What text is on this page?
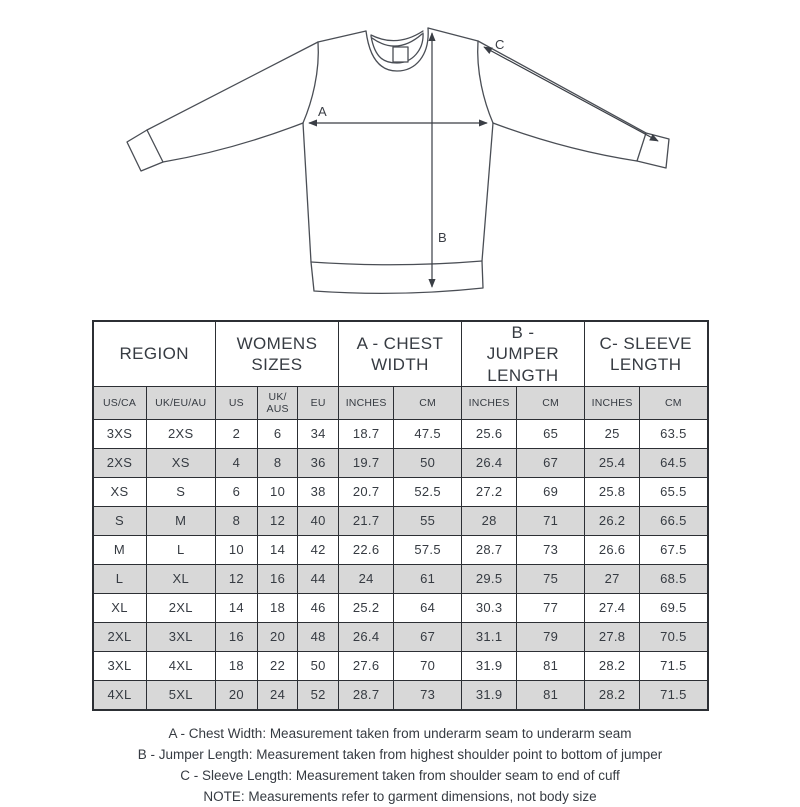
A
B
C
REGION		WOMENS SIZES			A - CHEST WIDTH		B - JUMPER LENGTH		C- SLEEVE LENGTH	
US/CA	UK/EU/AU	US	UK/ AUS	EU	INCHES	CM	INCHES	CM	INCHES	CM
3XS	2XS	2	6	34	18.7	47.5	25.6	65	25	63.5
2XS	XS	4	8	36	19.7	50	26.4	67	25.4	64.5
XS	S	6	10	38	20.7	52.5	27.2	69	25.8	65.5
S	M	8	12	40	21.7	55	28	71	26.2	66.5
M	L	10	14	42	22.6	57.5	28.7	73	26.6	67.5
L	XL	12	16	44	24	61	29.5	75	27	68.5
XL	2XL	14	18	46	25.2	64	30.3	77	27.4	69.5
2XL	3XL	16	20	48	26.4	67	31.1	79	27.8	70.5
3XL	4XL	18	22	50	27.6	70	31.9	81	28.2	71.5
4XL	5XL	20	24	52	28.7	73	31.9	81	28.2	71.5
A - Chest Width: Measurement taken from underarm seam to underarm seam
B - Jumper Length: Measurement taken from highest shoulder point to bottom of jumper
C - Sleeve Length: Measurement taken from shoulder seam to end of cuff
NOTE: Measurements refer to garment dimensions, not body size
